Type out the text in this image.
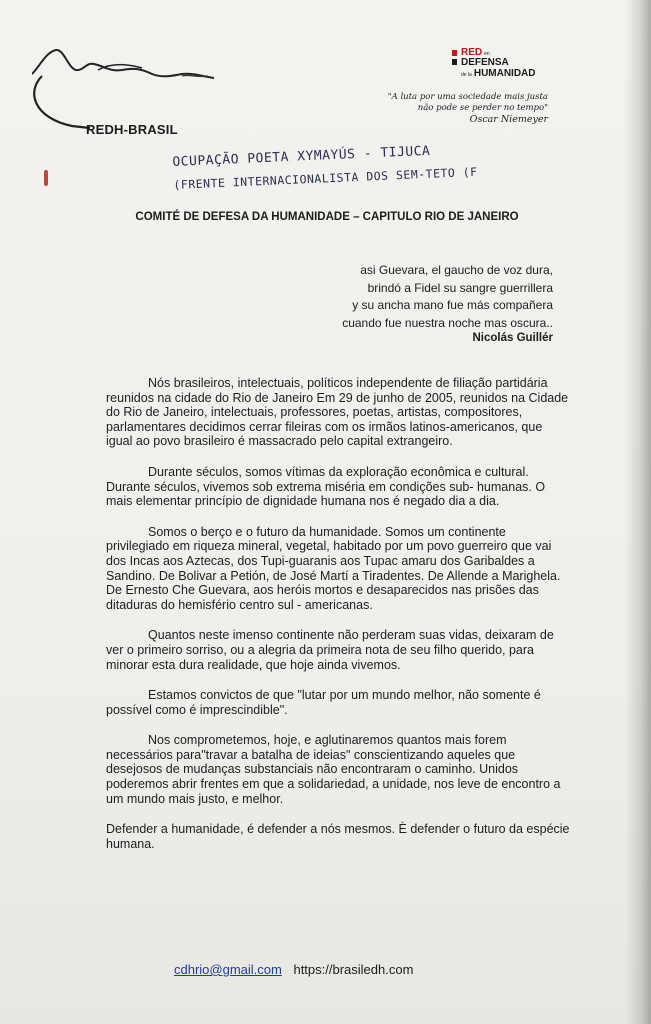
REDH-BRASIL
RED en
DEFENSA
de la HUMANIDAD
"A luta por uma sociedade mais justa
não pode se perder no tempo"
Oscar Niemeyer
OCUPAÇÃO POETA XYMAYÚS - TIJUCA
(FRENTE INTERNACIONALISTA DOS SEM-TETO (F
COMITÉ DE DEFESA DA HUMANIDADE – CAPITULO RIO DE JANEIRO
asi Guevara, el gaucho de voz dura,
brindó a Fidel su sangre guerrillera
y su ancha mano fue más compañera
cuando fue nuestra noche mas oscura..
Nicolás Guillér

Nós brasileiros, intelectuais, políticos independente de filiação partidária reunidos na cidade do Rio de Janeiro Em 29 de junho de 2005, reunidos na Cidade do Rio de Janeiro, intelectuais, professores, poetas, artistas, compositores, parlamentares decidimos cerrar fileiras com os irmãos latinos-americanos, que igual ao povo brasileiro é massacrado pelo capital extrangeiro.

Durante séculos, somos vítimas da exploração econômica e cultural. Durante séculos, vivemos sob extrema miséria em condições sub- humanas. O mais elementar princípio de dignidade humana nos é negado dia a dia.

Somos o berço e o futuro da humanidade. Somos um continente privilegiado em riqueza mineral, vegetal, habitado por um povo guerreiro que vai dos Incas aos Aztecas, dos Tupi-guaranis aos Tupac amaru dos Garibaldes a Sandino. De Bolivar a Petión, de José Martí a Tiradentes. De Allende a Marighela. De Ernesto Che Guevara, aos heróis mortos e desaparecidos nas prisões das ditaduras do hemisfério centro sul - americanas.

Quantos neste imenso continente não perderam suas vidas, deixaram de ver o primeiro sorriso, ou a alegria da primeira nota de seu filho querido, para minorar esta dura realidade, que hoje ainda vivemos.

Estamos convictos de que "lutar por um mundo melhor, não somente é possível como é imprescindible".

Nos comprometemos, hoje, e aglutinaremos quantos mais forem necessários para"travar a batalha de ideias" conscientizando aqueles que desejosos de mudanças substanciais não encontraram o caminho. Unidos poderemos abrir frentes em que a solidariedad, a unidade, nos leve de encontro a um mundo mais justo, e melhor.

Defender a humanidade, é defender a nós mesmos. È defender o futuro da espécie humana.

cdhrio@gmail.com https://brasiledh.com
